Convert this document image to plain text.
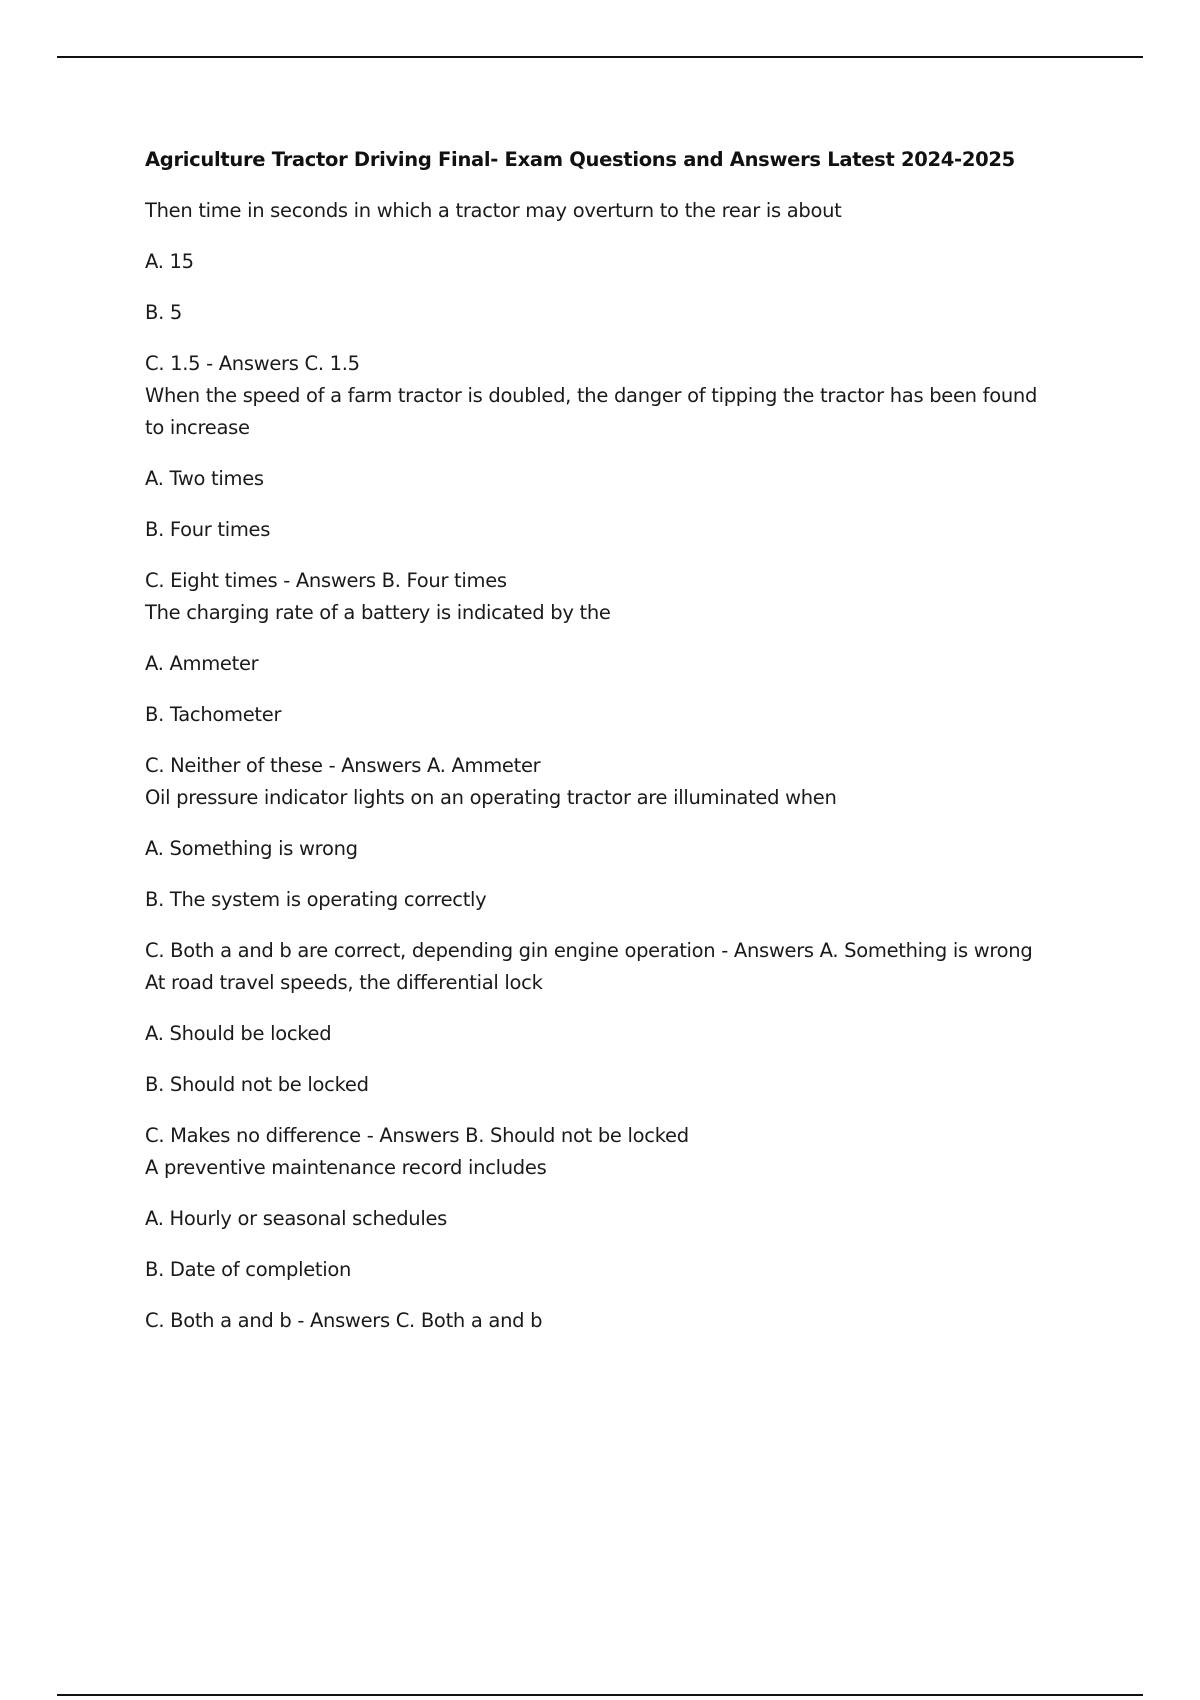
Agriculture Tractor Driving Final- Exam Questions and Answers Latest 2024-2025

Then time in seconds in which a tractor may overturn to the rear is about

A. 15

B. 5

C. 1.5 - Answers C. 1.5

When the speed of a farm tractor is doubled, the danger of tipping the tractor has been found to increase

A. Two times

B. Four times

C. Eight times - Answers B. Four times

The charging rate of a battery is indicated by the

A. Ammeter

B. Tachometer

C. Neither of these - Answers A. Ammeter

Oil pressure indicator lights on an operating tractor are illuminated when

A. Something is wrong

B. The system is operating correctly

C. Both a and b are correct, depending gin engine operation - Answers A. Something is wrong

At road travel speeds, the differential lock

A. Should be locked

B. Should not be locked

C. Makes no difference - Answers B. Should not be locked

A preventive maintenance record includes

A. Hourly or seasonal schedules

B. Date of completion

C. Both a and b - Answers C. Both a and b
